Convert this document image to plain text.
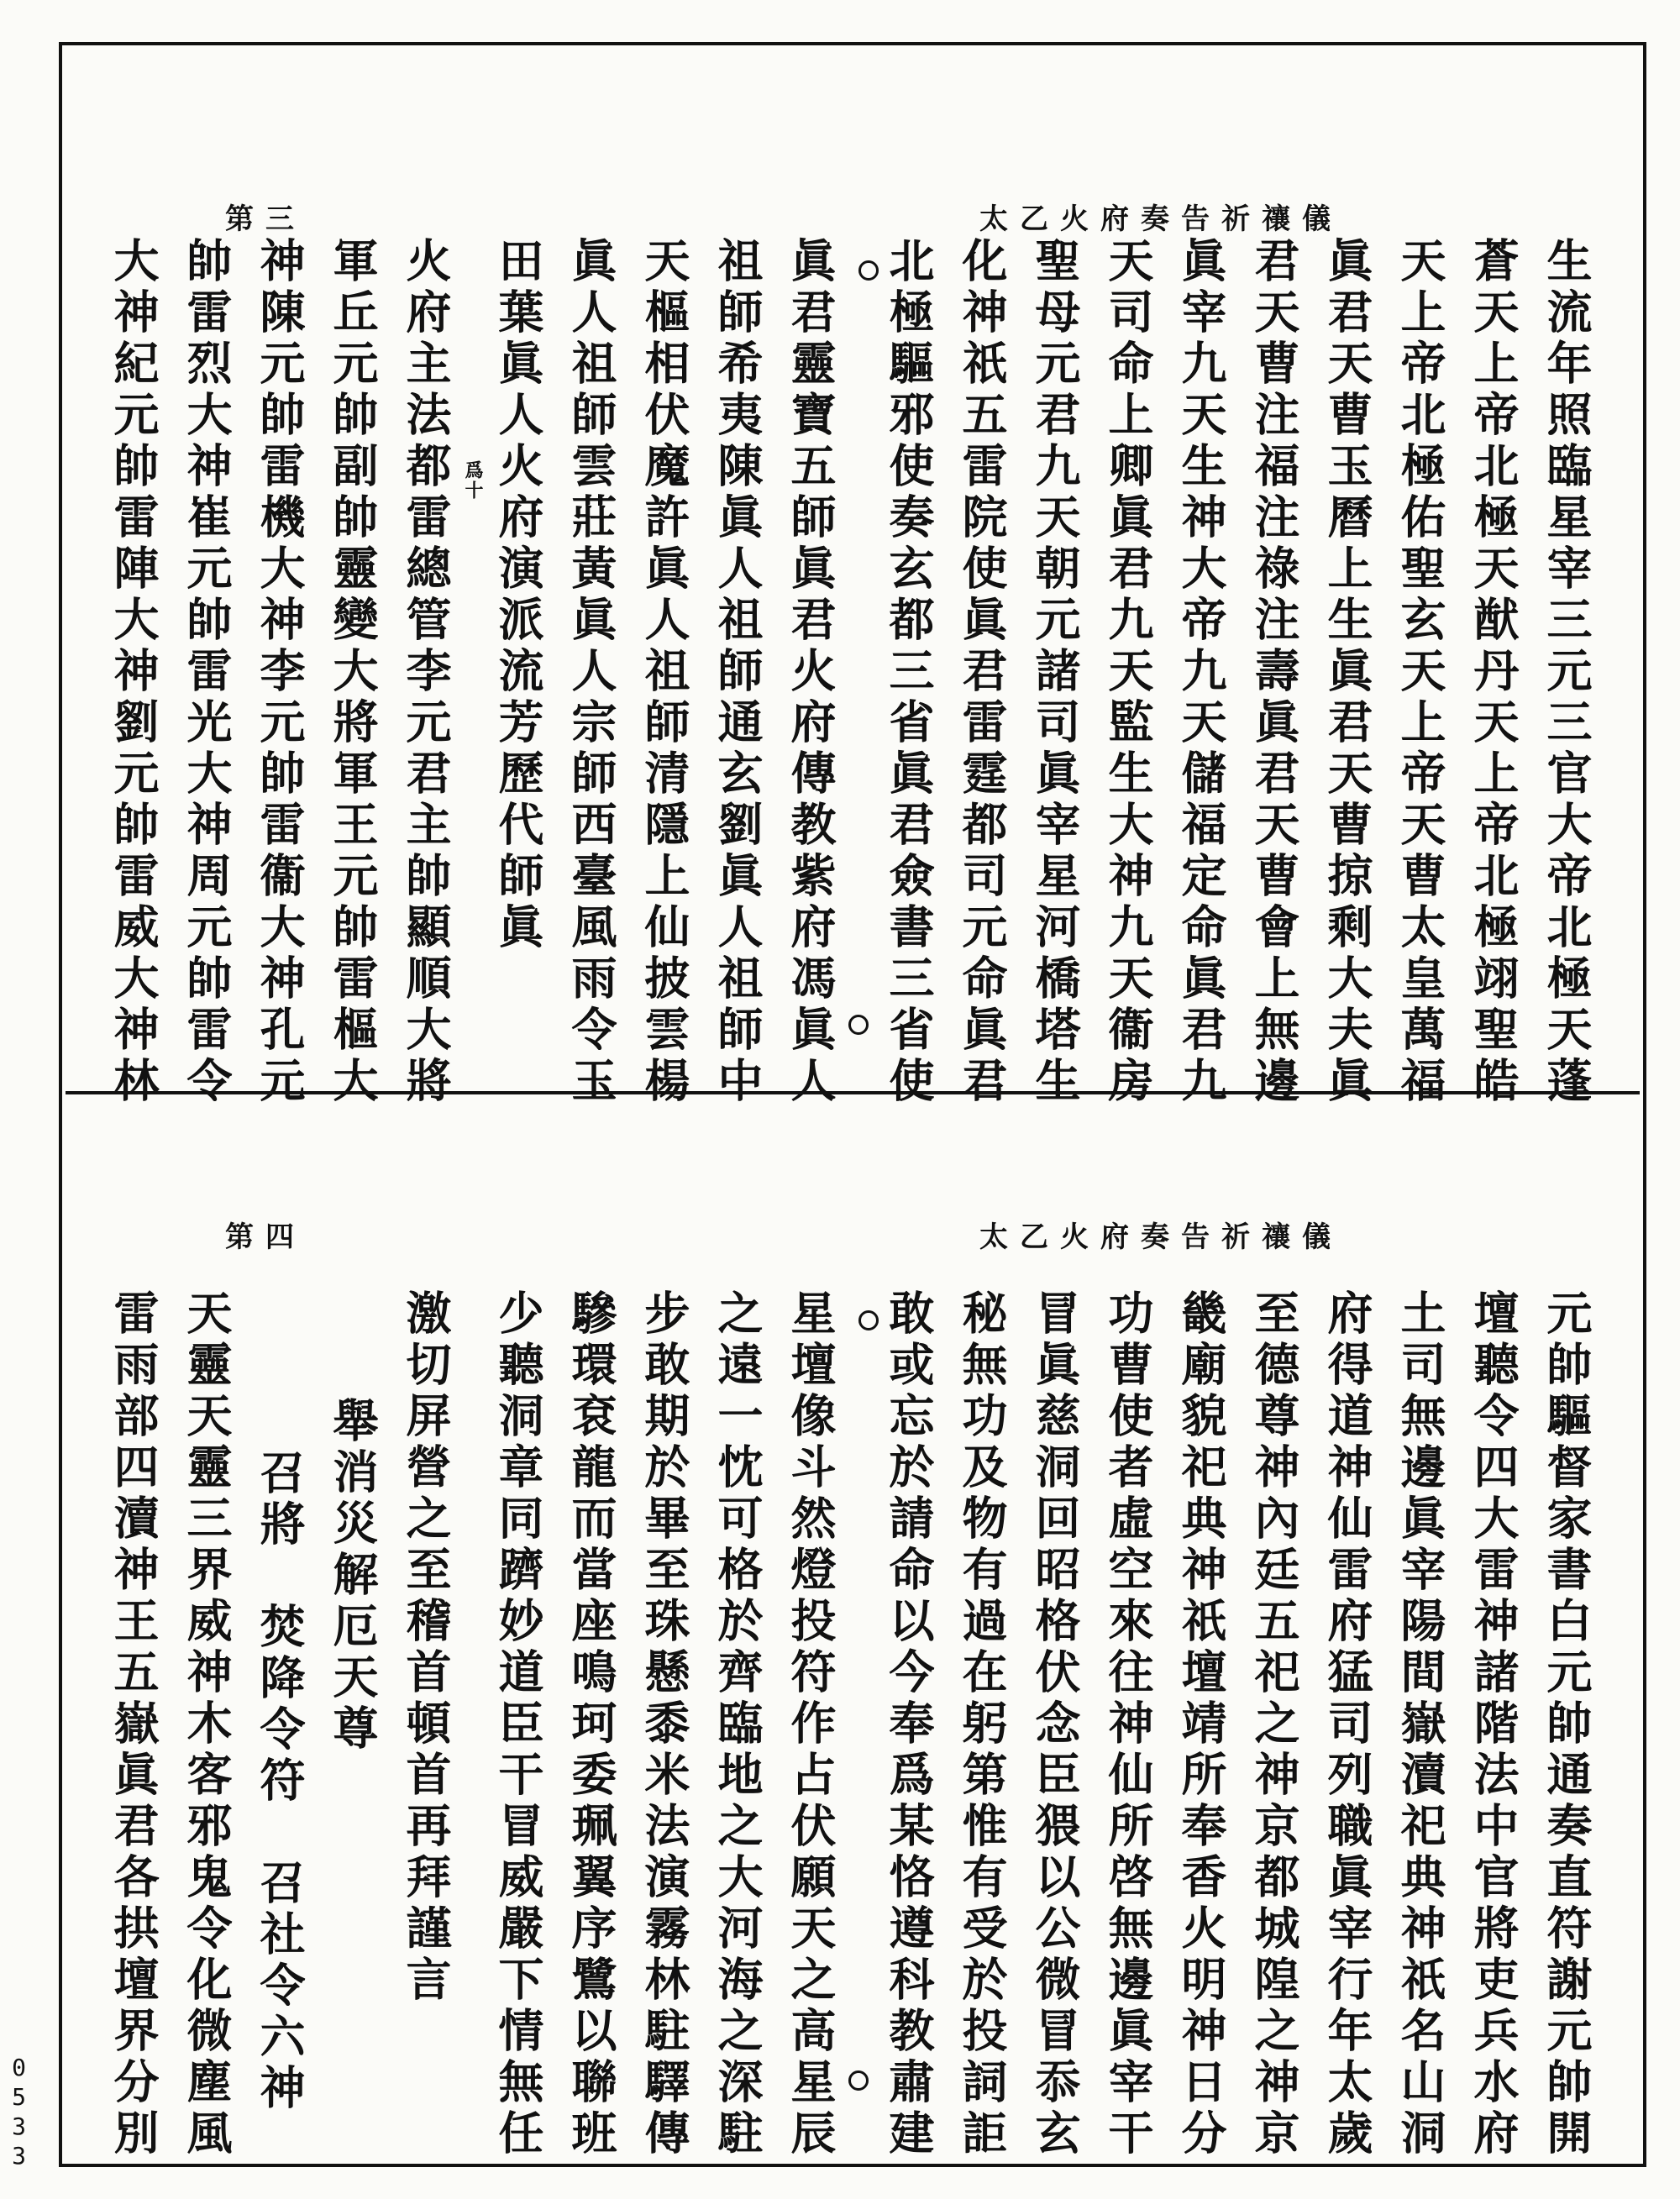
太乙火府奏告祈禳儀
第三
太乙火府奏告祈禳儀
第四
生流年照臨星宰三元三官大帝北極天蓬
蒼天上帝北極天猷丹天上帝北極翊聖皓
天上帝北極佑聖玄天上帝天曹太皇萬福
眞君天曹玉曆上生眞君天曹掠剩大夫眞
君天曹注福注祿注壽眞君天曹會上無邊
眞宰九天生神大帝九天儲福定命眞君九
天司命上卿眞君九天監生大神九天衞房
聖母元君九天朝元諸司眞宰星河橋塔生
化神祇五雷院使眞君雷霆都司元命眞君
北極驅邪使奏玄都三省眞君僉書三省使
眞君靈寶五師眞君火府傳教紫府馮眞人
祖師希夷陳眞人祖師通玄劉眞人祖師中
天樞相伏魔許眞人祖師清隱上仙披雲楊
眞人祖師雲莊黃眞人宗師西臺風雨令玉
田葉眞人火府演派流芳歷代師眞
爲十
火府主法都雷總管李元君主帥顯順大將
軍丘元帥副帥靈變大將軍王元帥雷樞大
神陳元帥雷機大神李元帥雷衞大神孔元
帥雷烈大神崔元帥雷光大神周元帥雷令
大神紀元帥雷陣大神劉元帥雷威大神林
元帥驅督家書白元帥通奏直符謝元帥開
壇聽令四大雷神諸階法中官將吏兵水府
土司無邊眞宰陽間嶽瀆祀典神祇名山洞
府得道神仙雷府猛司列職眞宰行年太歲
至德尊神內廷五祀之神京都城隍之神京
畿廟貌祀典神祇壇靖所奉香火明神日分
功曹使者虛空來往神仙所啓無邊眞宰干
冒眞慈洞回昭格伏念臣猥以公微冒忝玄
秘無功及物有過在躬第惟有受於投詞詎
敢或忘於請命以今奉爲某恪遵科教肅建
星壇像斗然燈投符作占伏願天之高星辰
之遠一忱可格於齊臨地之大河海之深駐
步敢期於畢至珠懸黍米法演霧林駐驛傳
驂環袞龍而當座鳴珂委珮翼序鷺以聯班
少聽洞章同躋妙道臣干冒威嚴下情無任
激切屏營之至稽首頓首再拜謹言
舉消災解厄天尊
召將　焚降令符　召社令六神
天靈天靈三界威神木客邪鬼令化微塵風
雷雨部四瀆神王五嶽眞君各拱壇界分別
0533
